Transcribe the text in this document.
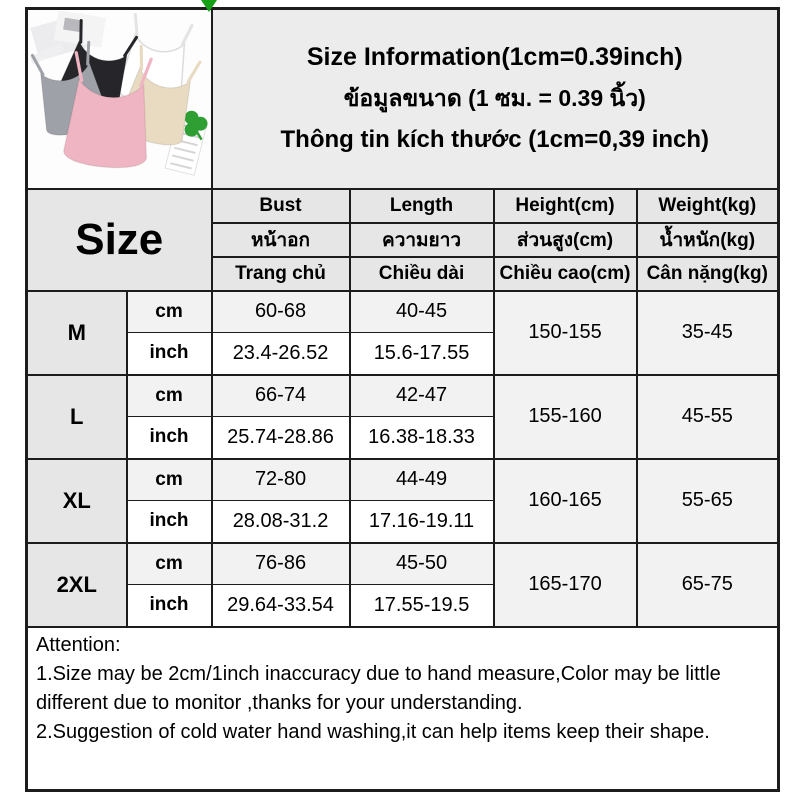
Size Information(1cm=0.39inch)
ข้อมูลขนาด (1 ซม. = 0.39 นิ้ว)
Thông tin kích thước (1cm=0,39 inch)			

Size		Bust	Length	Height(cm)	Weight(kg)
		หน้าอก	ความยาว	ส่วนสูง(cm)	น้ำหนัก(kg)
		Trang chủ	Chiều dài	Chiều cao(cm)	Cân nặng(kg)
M	cm	60-68	40-45	150-155	35-45
	inch	23.4-26.52	15.6-17.55		
L	cm	66-74	42-47	155-160	45-55
	inch	25.74-28.86	16.38-18.33		
XL	cm	72-80	44-49	160-165	55-65
	inch	28.08-31.2	17.16-19.11		
2XL	cm	76-86	45-50	165-170	65-75
	inch	29.64-33.54	17.55-19.5		

Attention:
1.Size may be 2cm/1inch inaccuracy due to hand measure,Color may be little different due to monitor ,thanks for your understanding.
2.Suggestion of cold water hand washing,it can help items keep their shape.					
